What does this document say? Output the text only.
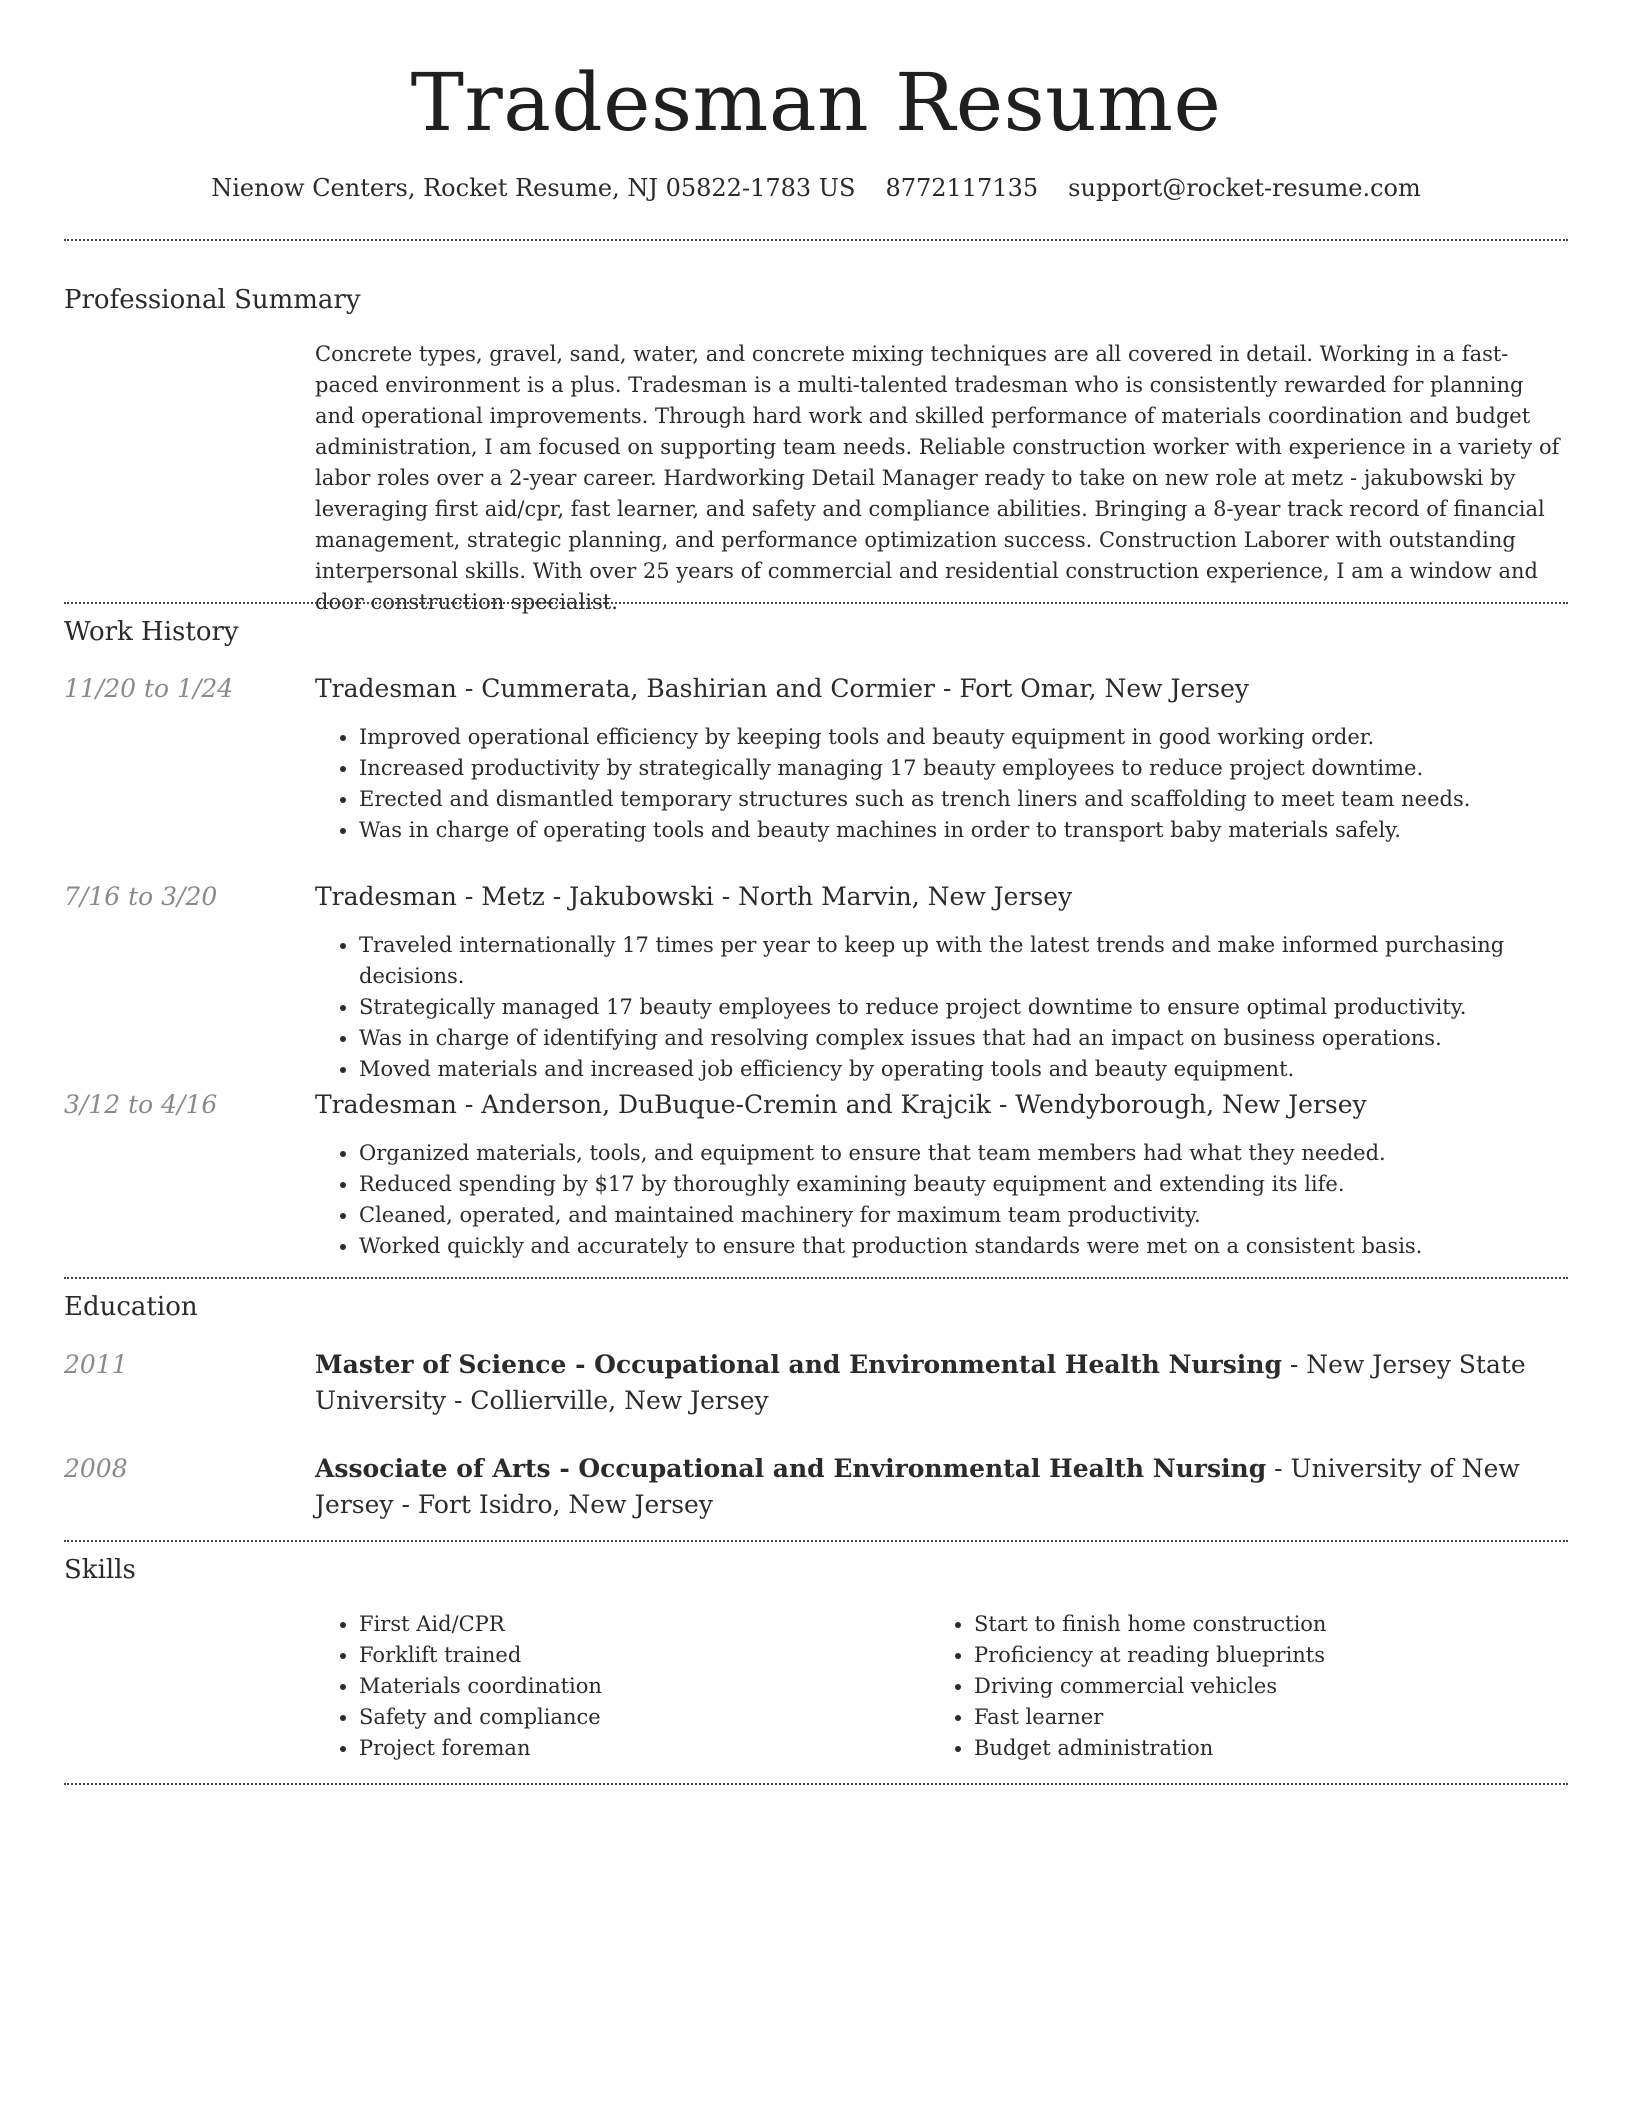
Tradesman Resume
Nienow Centers, Rocket Resume, NJ 05822-1783 US 8772117135 support@rocket-resume.com
Professional Summary
Concrete types, gravel, sand, water, and concrete mixing techniques are all covered in detail. Working in a fast-paced environment is a plus. Tradesman is a multi-talented tradesman who is consistently rewarded for planning and operational improvements. Through hard work and skilled performance of materials coordination and budget administration, I am focused on supporting team needs. Reliable construction worker with experience in a variety of labor roles over a 2-year career. Hardworking Detail Manager ready to take on new role at metz - jakubowski by leveraging first aid/cpr, fast learner, and safety and compliance abilities. Bringing a 8-year track record of financial management, strategic planning, and performance optimization success. Construction Laborer with outstanding interpersonal skills. With over 25 years of commercial and residential construction experience, I am a window and door construction specialist.
Work History
11/20 to 1/24	Tradesman - Cummerata, Bashirian and Cormier - Fort Omar, New Jersey
• Improved operational efficiency by keeping tools and beauty equipment in good working order.
• Increased productivity by strategically managing 17 beauty employees to reduce project downtime.
• Erected and dismantled temporary structures such as trench liners and scaffolding to meet team needs.
• Was in charge of operating tools and beauty machines in order to transport baby materials safely.
7/16 to 3/20	Tradesman - Metz - Jakubowski - North Marvin, New Jersey
• Traveled internationally 17 times per year to keep up with the latest trends and make informed purchasing decisions.
• Strategically managed 17 beauty employees to reduce project downtime to ensure optimal productivity.
• Was in charge of identifying and resolving complex issues that had an impact on business operations.
• Moved materials and increased job efficiency by operating tools and beauty equipment.
3/12 to 4/16	Tradesman - Anderson, DuBuque-Cremin and Krajcik - Wendyborough, New Jersey
• Organized materials, tools, and equipment to ensure that team members had what they needed.
• Reduced spending by $17 by thoroughly examining beauty equipment and extending its life.
• Cleaned, operated, and maintained machinery for maximum team productivity.
• Worked quickly and accurately to ensure that production standards were met on a consistent basis.
Education
2011	Master of Science - Occupational and Environmental Health Nursing - New Jersey State University - Collierville, New Jersey
2008	Associate of Arts - Occupational and Environmental Health Nursing - University of New Jersey - Fort Isidro, New Jersey
Skills
• First Aid/CPR
• Forklift trained
• Materials coordination
• Safety and compliance
• Project foreman
• Start to finish home construction
• Proficiency at reading blueprints
• Driving commercial vehicles
• Fast learner
• Budget administration
